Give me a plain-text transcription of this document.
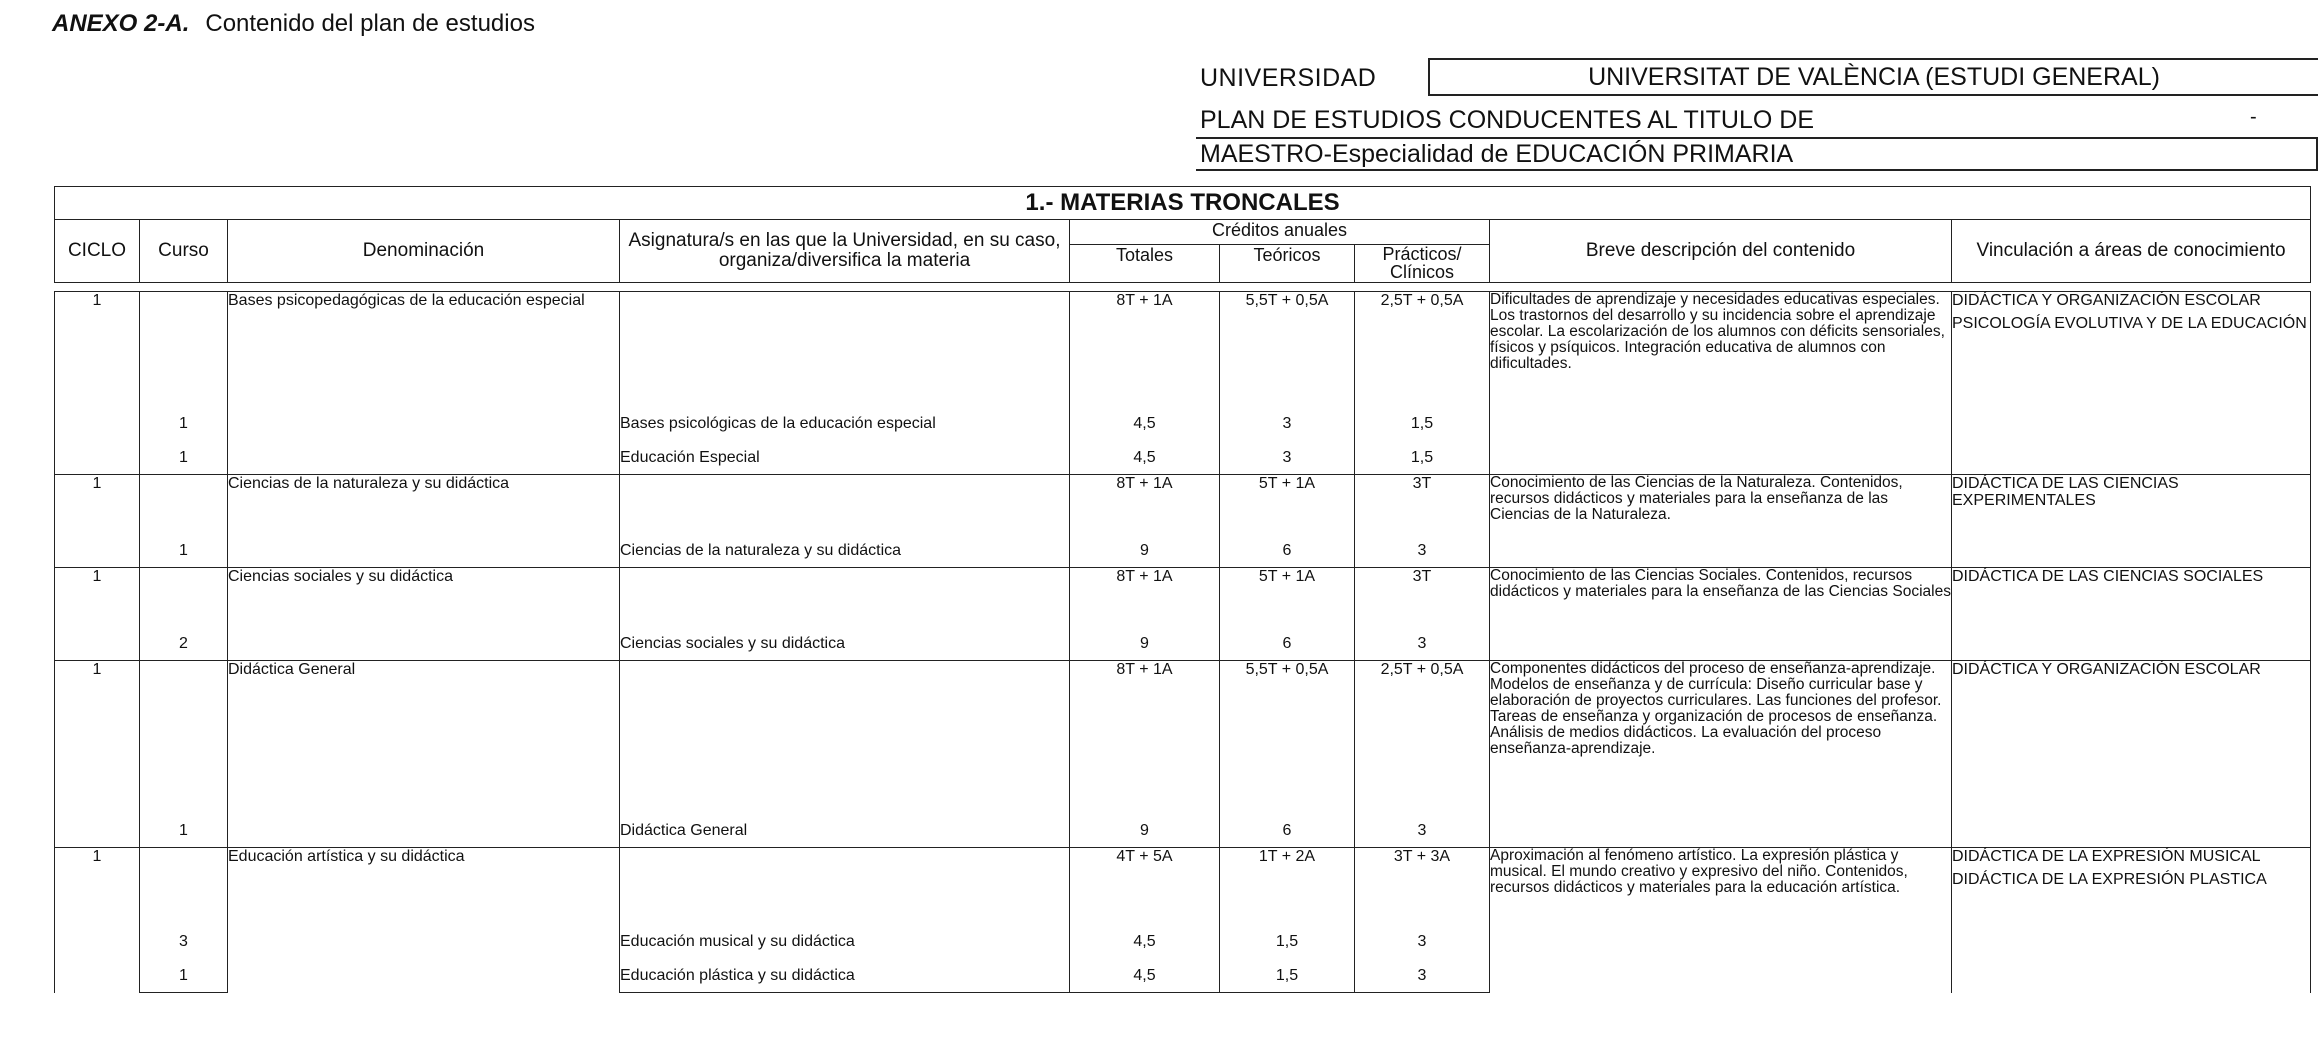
ANEXO 2-A. Contenido del plan de estudios
UNIVERSIDAD	UNIVERSITAT DE VALÈNCIA (ESTUDI GENERAL)
PLAN DE ESTUDIOS CONDUCENTES AL TITULO DE	-
MAESTRO-Especialidad de EDUCACIÓN PRIMARIA
1.- MATERIAS TRONCALES								
CICLO	Curso	Denominación	Asignatura/s en las que la Universidad, en su caso, organiza/diversifica la materia	Créditos anuales			Breve descripción del contenido	Vinculación a áreas de conocimiento
				Totales	Teóricos	Prácticos/ Clínicos		

1		Bases psicopedagógicas de la educación especial		8T + 1A	5,5T + 0,5A	2,5T + 0,5A	Dificultades de aprendizaje y necesidades educativas especiales. Los trastornos del desarrollo y su incidencia sobre el aprendizaje escolar. La escolarización de los alumnos con déficits sensoriales, físicos y psíquicos. Integración educativa de alumnos con dificultades.	DIDÁCTICA Y ORGANIZACIÓN ESCOLAR
PSICOLOGÍA EVOLUTIVA Y DE LA EDUCACIÓN

	1		Bases psicológicas de la educación especial	4,5	3	1,5		
	1		Educación Especial	4,5	3	1,5		
1		Ciencias de la naturaleza y su didáctica		8T + 1A	5T + 1A	3T	Conocimiento de las Ciencias de la Naturaleza. Contenidos, recursos didácticos y materiales para la enseñanza de las Ciencias de la Naturaleza.	DIDÁCTICA DE LAS CIENCIAS EXPERIMENTALES

	1		Ciencias de la naturaleza y su didáctica	9	6	3		
1		Ciencias sociales y su didáctica		8T + 1A	5T + 1A	3T	Conocimiento de las Ciencias Sociales. Contenidos, recursos didácticos y materiales para la enseñanza de las Ciencias Sociales	DIDÁCTICA DE LAS CIENCIAS SOCIALES

	2		Ciencias sociales y su didáctica	9	6	3		
1		Didáctica General		8T + 1A	5,5T + 0,5A	2,5T + 0,5A	Componentes didácticos del proceso de enseñanza-aprendizaje. Modelos de enseñanza y de currícula: Diseño curricular base y elaboración de proyectos curriculares. Las funciones del profesor. Tareas de enseñanza y organización de procesos de enseñanza. Análisis de medios didácticos. La evaluación del proceso enseñanza-aprendizaje.	DIDÁCTICA Y ORGANIZACIÓN ESCOLAR

	1		Didáctica General	9	6	3		
1		Educación artística y su didáctica		4T + 5A	1T + 2A	3T + 3A	Aproximación al fenómeno artístico. La expresión plástica y musical. El mundo creativo y expresivo del niño. Contenidos, recursos didácticos y materiales para la educación artística.	DIDÁCTICA DE LA EXPRESIÓN MUSICAL
DIDÁCTICA DE LA EXPRESIÓN PLASTICA

	3		Educación musical y su didáctica	4,5	1,5	3		
	1		Educación plástica y su didáctica	4,5	1,5	3		
